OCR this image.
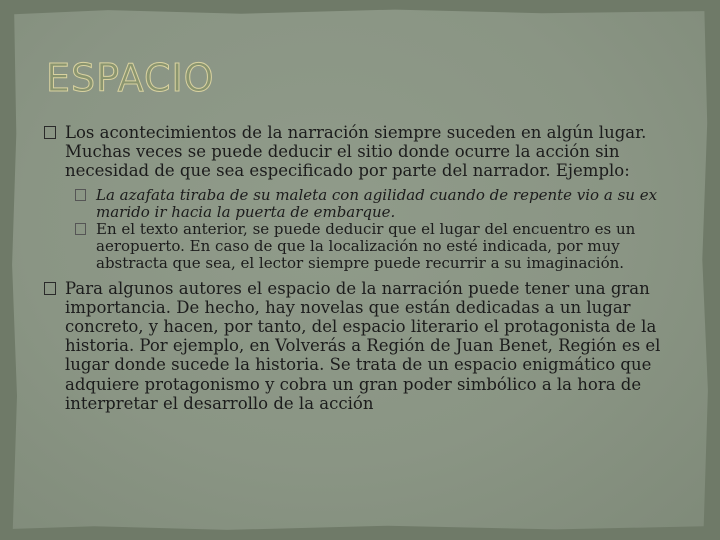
ESPACIO

Los acontecimientos de la narración siempre suceden en algún lugar. Muchas veces se puede deducir el sitio donde ocurre la acción sin necesidad de que sea especificado por parte del narrador. Ejemplo:

La azafata tiraba de su maleta con agilidad cuando de repente vio a su ex marido ir hacia la puerta de embarque.

En el texto anterior, se puede deducir que el lugar del encuentro es un aeropuerto. En caso de que la localización no esté indicada, por muy abstracta que sea, el lector siempre puede recurrir a su imaginación.

Para algunos autores el espacio de la narración puede tener una gran importancia. De hecho, hay novelas que están dedicadas a un lugar concreto, y hacen, por tanto, del espacio literario el protagonista de la historia. Por ejemplo, en Volverás a Región de Juan Benet, Región es el lugar donde sucede la historia. Se trata de un espacio enigmático que adquiere protagonismo y cobra un gran poder simbólico a la hora de interpretar el desarrollo de la acción
